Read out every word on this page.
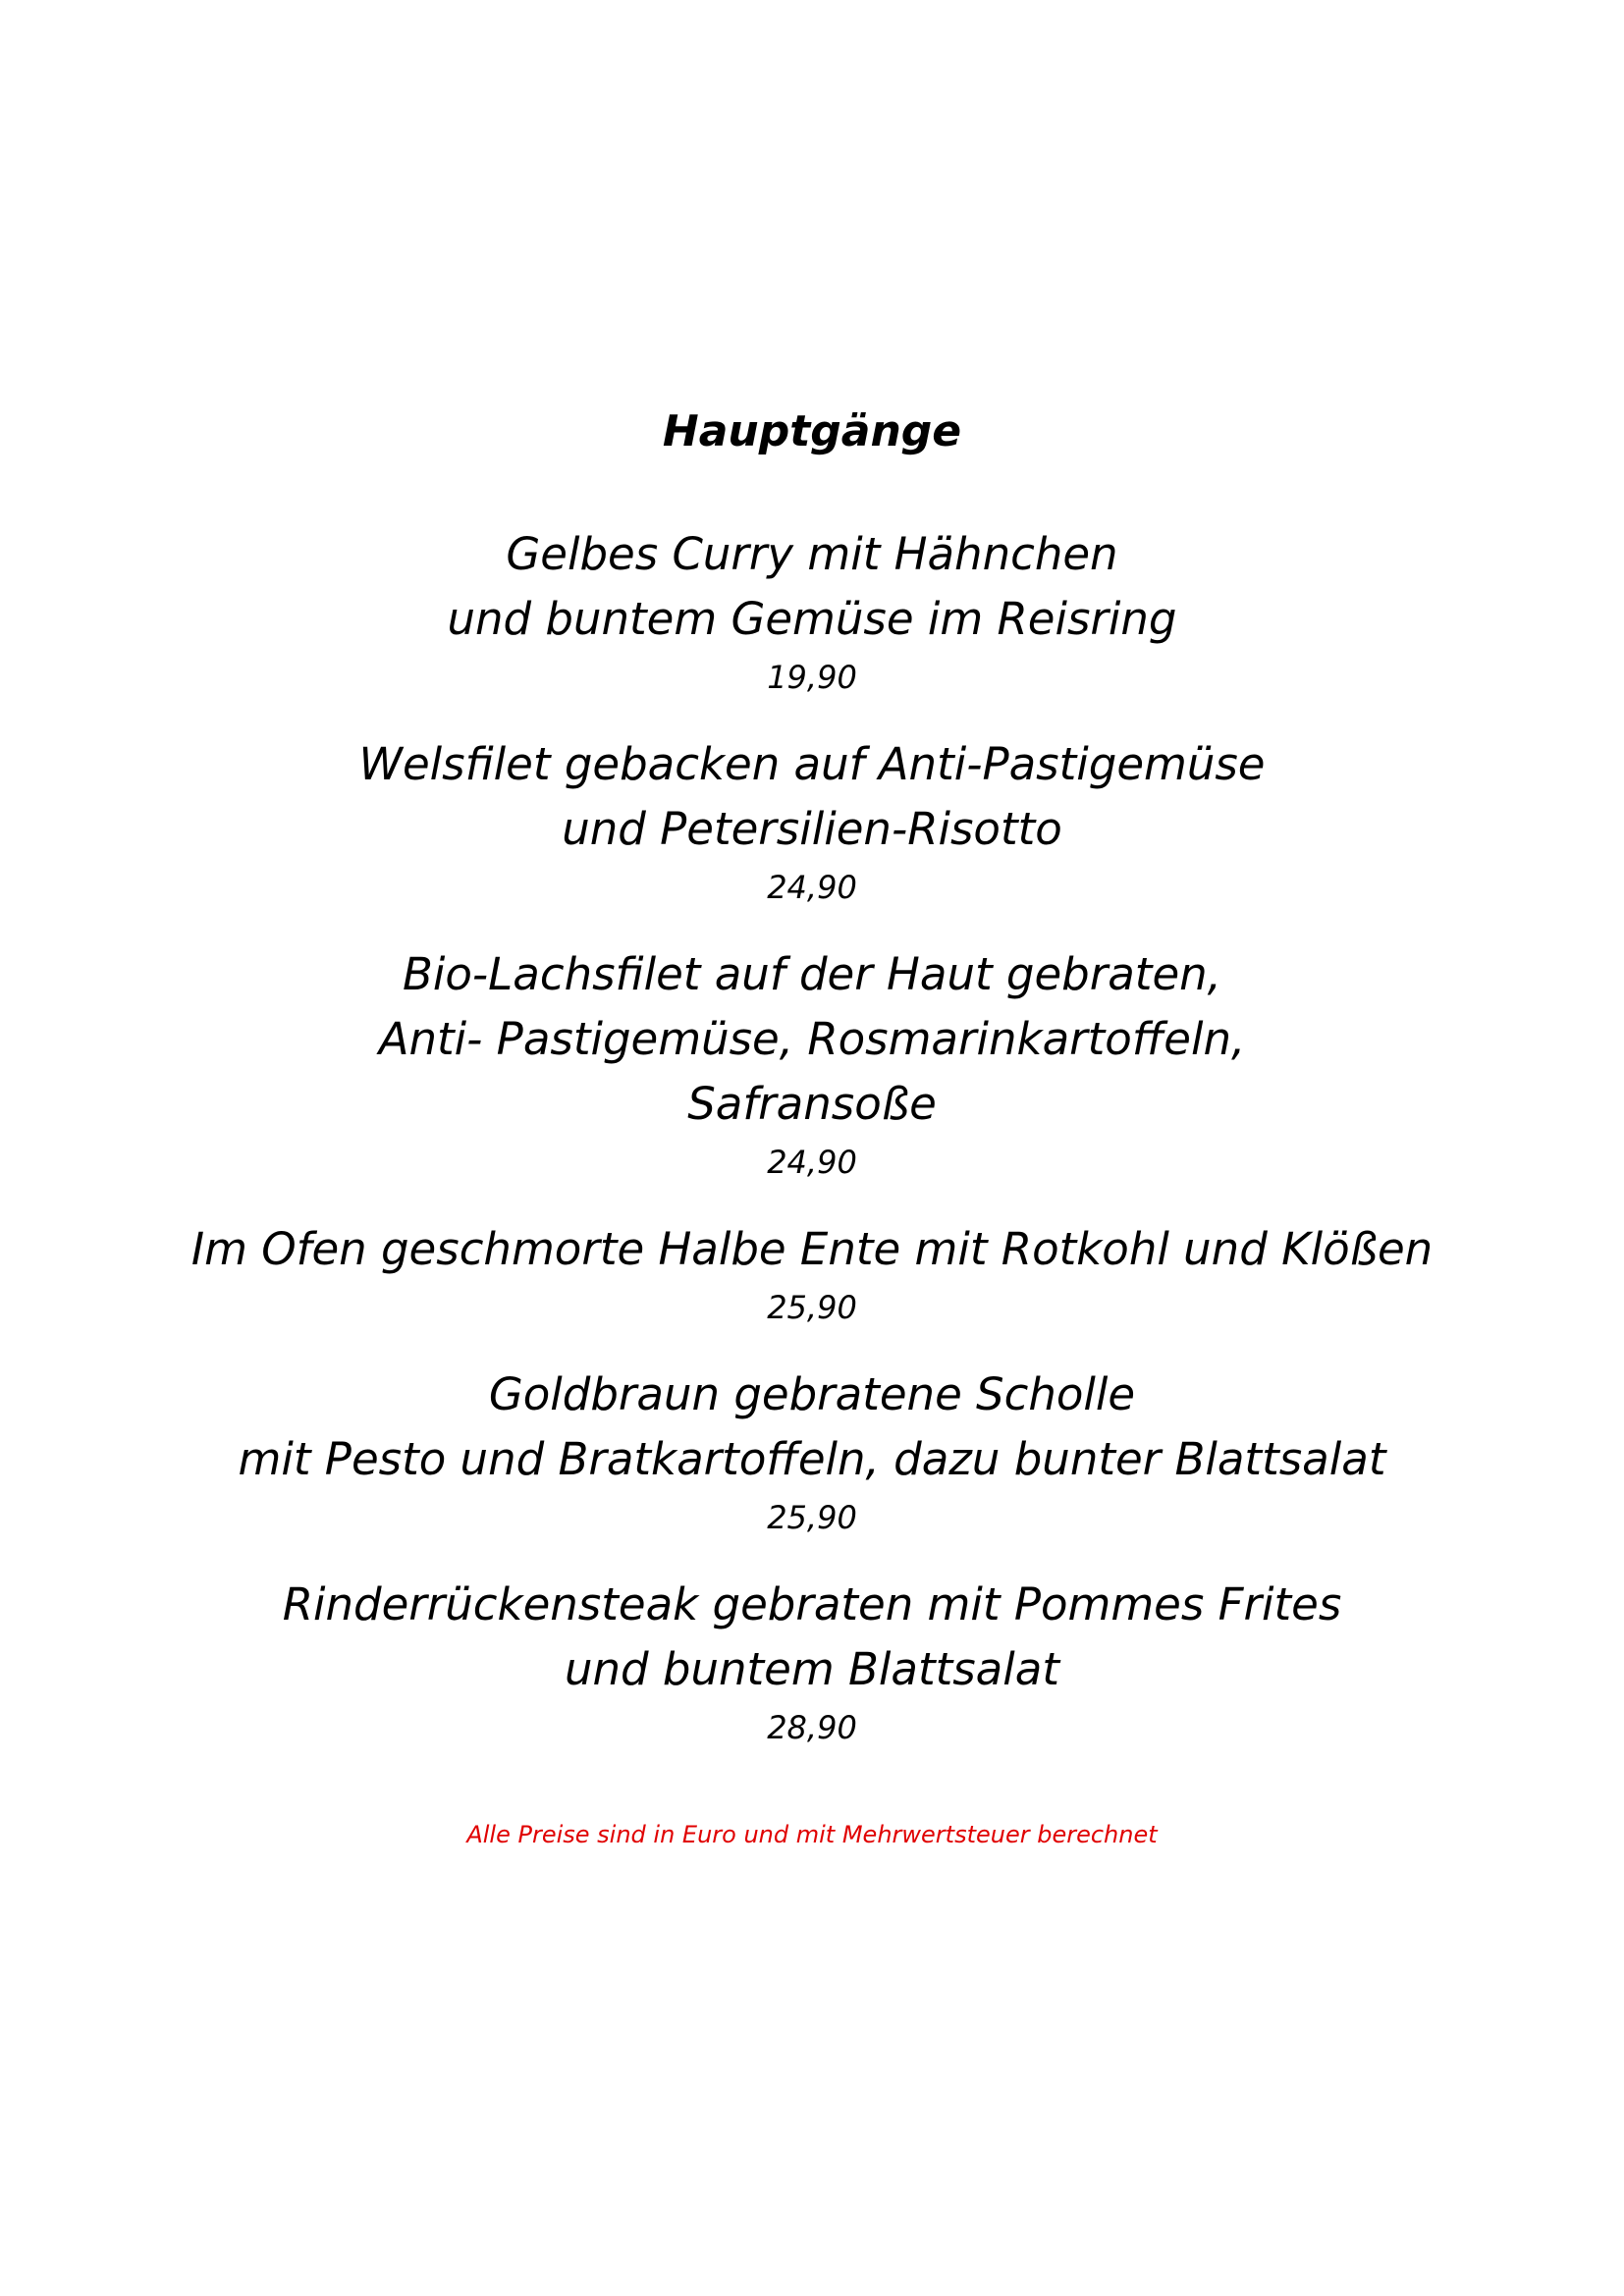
Hauptgänge
Gelbes Curry mit Hähnchen
und buntem Gemüse im Reisring
19,90
Welsfilet gebacken auf Anti-Pastigemüse
und Petersilien-Risotto
24,90
Bio-Lachsfilet auf der Haut gebraten,
Anti- Pastigemüse, Rosmarinkartoffeln,
Safransoße
24,90
Im Ofen geschmorte Halbe Ente mit Rotkohl und Klößen
25,90
Goldbraun gebratene Scholle
mit Pesto und Bratkartoffeln, dazu bunter Blattsalat
25,90
Rinderrückensteak gebraten mit Pommes Frites
und buntem Blattsalat
28,90
Alle Preise sind in Euro und mit Mehrwertsteuer berechnet
